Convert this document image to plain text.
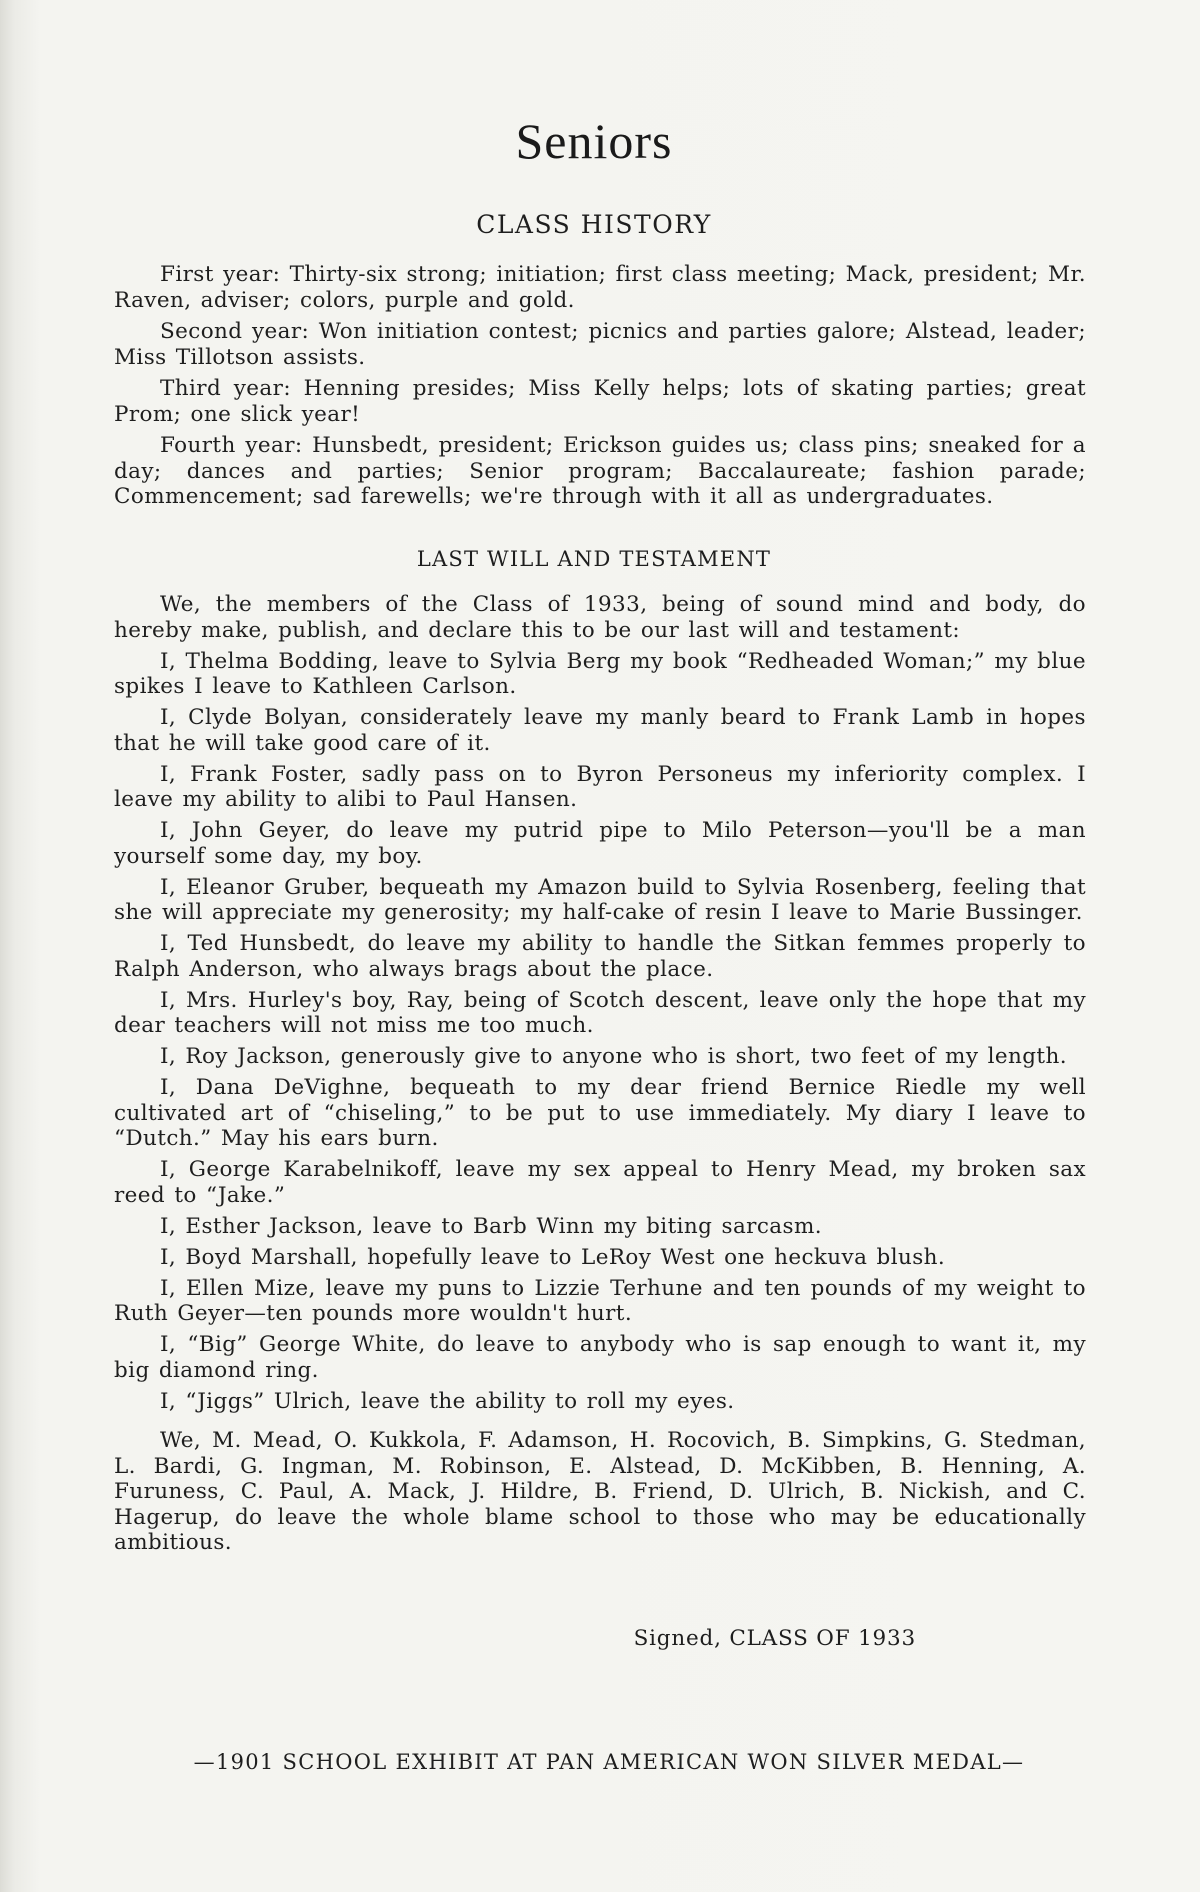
Seniors
CLASS HISTORY

First year: Thirty-six strong; initiation; first class meeting; Mack, president; Mr. Raven, adviser; colors, purple and gold.

Second year: Won initiation contest; picnics and parties galore; Alstead, leader; Miss Tillotson assists.

Third year: Henning presides; Miss Kelly helps; lots of skating parties; great Prom; one slick year!

Fourth year: Hunsbedt, president; Erickson guides us; class pins; sneaked for a day; dances and parties; Senior program; Baccalaureate; fashion parade; Commencement; sad farewells; we're through with it all as undergraduates.

LAST WILL AND TESTAMENT

We, the members of the Class of 1933, being of sound mind and body, do hereby make, publish, and declare this to be our last will and testament:

I, Thelma Bodding, leave to Sylvia Berg my book “Redheaded Woman;” my blue spikes I leave to Kathleen Carlson.

I, Clyde Bolyan, considerately leave my manly beard to Frank Lamb in hopes that he will take good care of it.

I, Frank Foster, sadly pass on to Byron Personeus my inferiority complex. I leave my ability to alibi to Paul Hansen.

I, John Geyer, do leave my putrid pipe to Milo Peterson—you'll be a man yourself some day, my boy.

I, Eleanor Gruber, bequeath my Amazon build to Sylvia Rosenberg, feeling that she will appreciate my generosity; my half-cake of resin I leave to Marie Bussinger.

I, Ted Hunsbedt, do leave my ability to handle the Sitkan femmes properly to Ralph Anderson, who always brags about the place.

I, Mrs. Hurley's boy, Ray, being of Scotch descent, leave only the hope that my dear teachers will not miss me too much.

I, Roy Jackson, generously give to anyone who is short, two feet of my length.

I, Dana DeVighne, bequeath to my dear friend Bernice Riedle my well cultivated art of “chiseling,” to be put to use immediately. My diary I leave to “Dutch.” May his ears burn.

I, George Karabelnikoff, leave my sex appeal to Henry Mead, my broken sax reed to “Jake.”

I, Esther Jackson, leave to Barb Winn my biting sarcasm.

I, Boyd Marshall, hopefully leave to LeRoy West one heckuva blush.

I, Ellen Mize, leave my puns to Lizzie Terhune and ten pounds of my weight to Ruth Geyer—ten pounds more wouldn't hurt.

I, “Big” George White, do leave to anybody who is sap enough to want it, my big diamond ring.

I, “Jiggs” Ulrich, leave the ability to roll my eyes.

We, M. Mead, O. Kukkola, F. Adamson, H. Rocovich, B. Simpkins, G. Stedman, L. Bardi, G. Ingman, M. Robinson, E. Alstead, D. McKibben, B. Henning, A. Furuness, C. Paul, A. Mack, J. Hildre, B. Friend, D. Ulrich, B. Nickish, and C. Hagerup, do leave the whole blame school to those who may be educationally ambitious.

Signed, CLASS OF 1933
—1901 SCHOOL EXHIBIT AT PAN AMERICAN WON SILVER MEDAL—
